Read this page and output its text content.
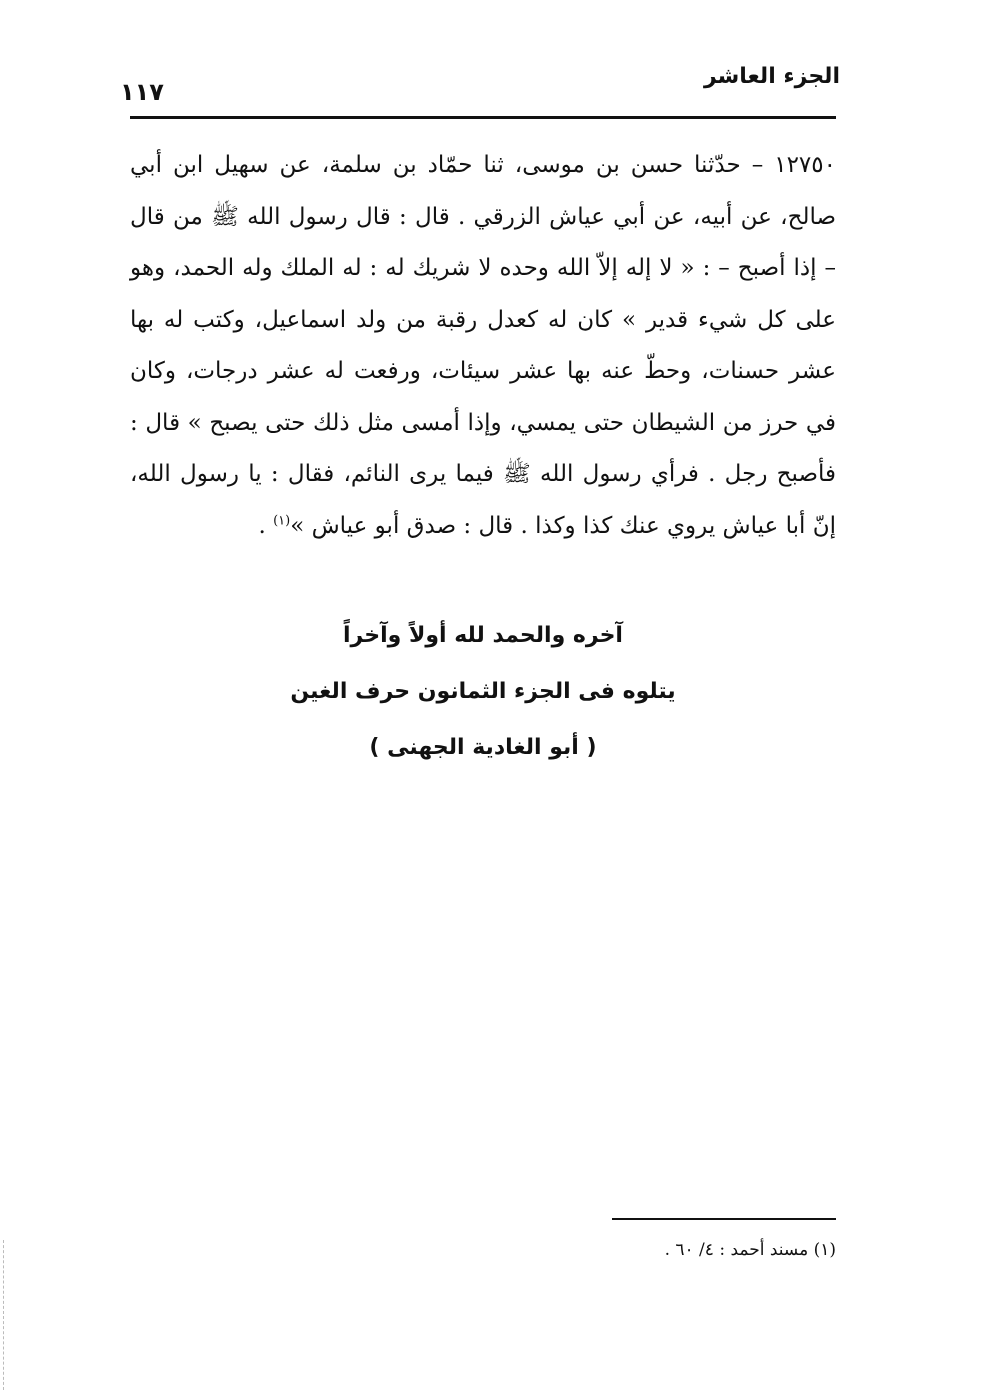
الجزء العاشر
١١٧

١٢٧٥٠ – حدّثنا حسن بن موسى، ثنا حمّاد بن سلمة، عن سهيل ابن أبي صالح، عن أبيه، عن أبي عياش الزرقي . قال : قال رسول الله ﷺ من قال – إذا أصبح – : « لا إله إلاّ الله وحده لا شريك له : له الملك وله الحمد، وهو على كل شيء قدير » كان له كعدل رقبة من ولد اسماعيل، وكتب له بها عشر حسنات، وحطّ عنه بها عشر سيئات، ورفعت له عشر درجات، وكان في حرز من الشيطان حتى يمسي، وإذا أمسى مثل ذلك حتى يصبح » قال : فأصبح رجل . فرأي رسول الله ﷺ فيما يرى النائم، فقال : يا رسول الله، إنّ أبا عياش يروي عنك كذا وكذا . قال : صدق أبو عياش »$^{(١)}$ .

آخره والحمد لله أولاً وآخراً
يتلوه فى الجزء الثمانون حرف الغين
( أبو الغادية الجهنى )
(١) مسند أحمد : ٤/ ٦٠ .
